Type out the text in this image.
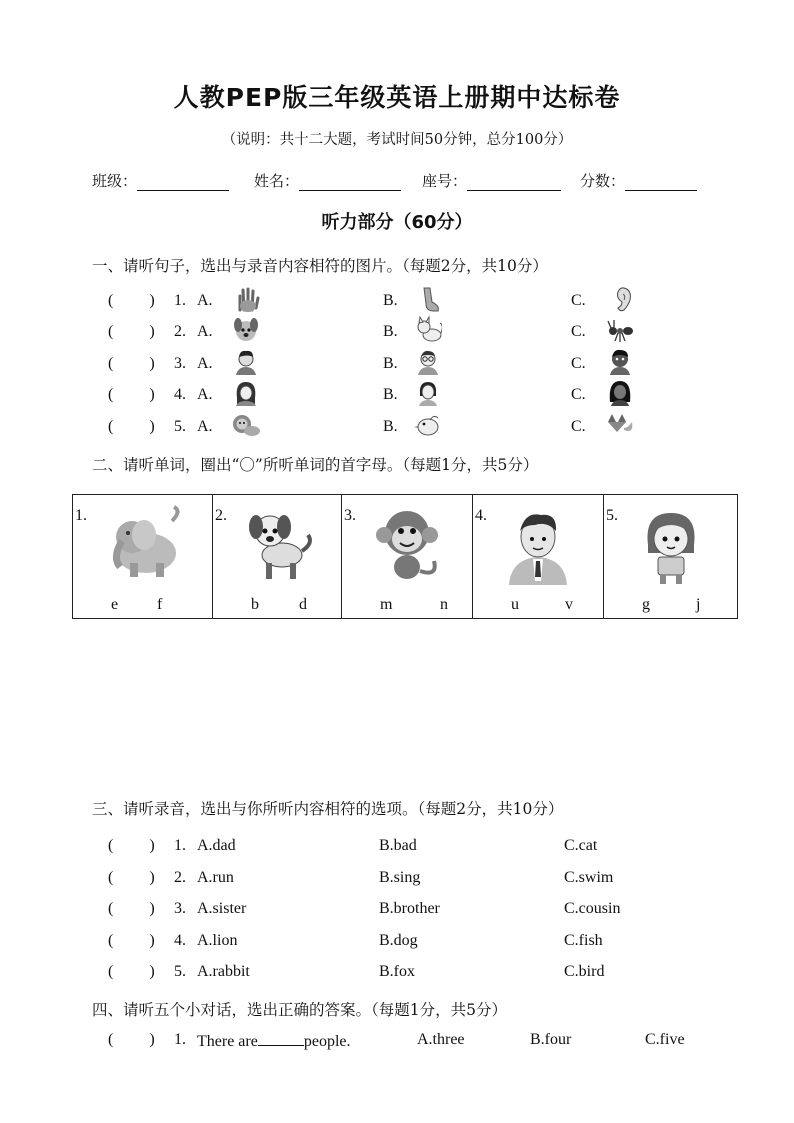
人教PEP版三年级英语上册期中达标卷
（说明：共十二大题，考试时间50分钟，总分100分）
班级：	姓名：	座号：	分数：
听力部分（60分）
一、请听句子，选出与录音内容相符的图片。（每题2分，共10分）
(         ) 1. A.	B.	C.
(         ) 2. A.	B.	C.
(         ) 3. A.	B.	C.
(         ) 4. A.	B.	C.
(         ) 5. A.	B.	C.
二、请听单词，圈出“〇”所听单词的首字母。（每题1分，共5分）
1.
e f

2.
b	d

3.
m	n

4.
u	v

5.
g	j
三、请听录音，选出与你所听内容相符的选项。（每题2分，共10分）
(         ) 1. A.dad	B.bad	C.cat
(         ) 2. A.run	B.sing	C.swim
(         ) 3. A.sister	B.brother	C.cousin
(         ) 4. A.lion	B.dog	C.fish
(         ) 5. A.rabbit	B.fox	C.bird
四、请听五个小对话，选出正确的答案。（每题1分，共5分）
(         ) 1. There are	people.	A.three	B.four	C.five
